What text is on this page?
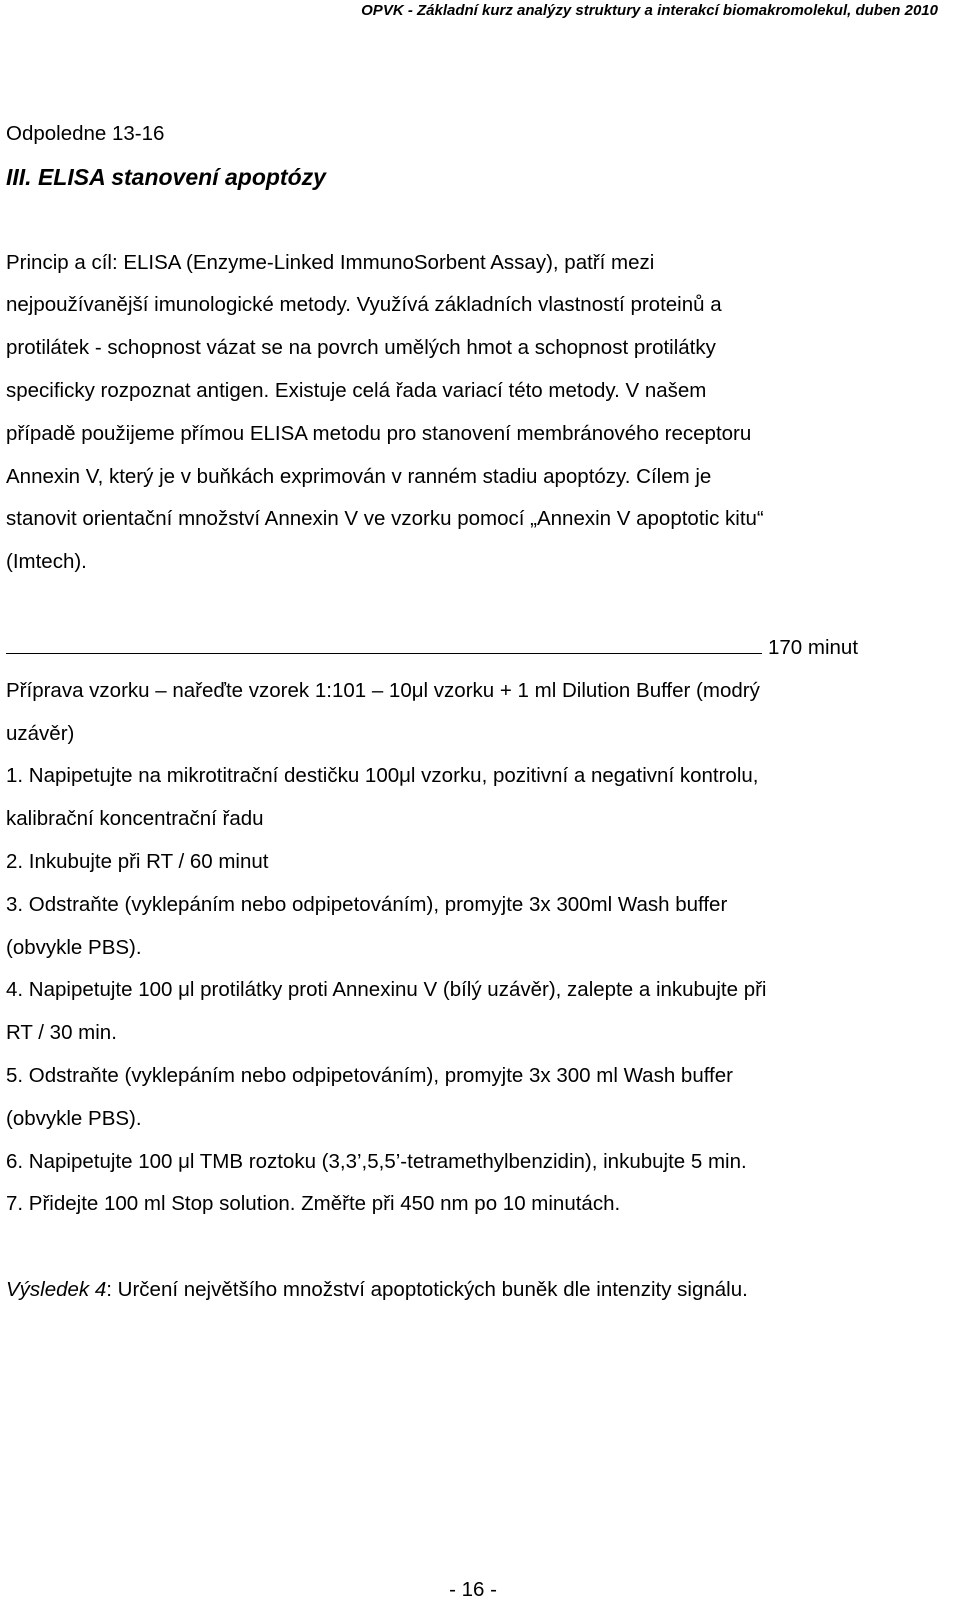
OPVK - Základní kurz analýzy struktury a interakcí biomakromolekul, duben 2010
Odpoledne 13-16
III. ELISA stanovení apoptózy
Princip a cíl: ELISA (Enzyme-Linked ImmunoSorbent Assay), patří mezi
nejpoužívanější imunologické metody. Využívá základních vlastností proteinů a
protilátek - schopnost vázat se na povrch umělých hmot a schopnost protilátky
specificky rozpoznat antigen. Existuje celá řada variací této metody. V našem
případě použijeme přímou ELISA metodu pro stanovení membránového receptoru
Annexin V, který je v buňkách exprimován v ranném stadiu apoptózy. Cílem je
stanovit orientační množství Annexin V ve vzorku pomocí „Annexin V apoptotic kitu“
(Imtech).
170 minut
Příprava vzorku – nařeďte vzorek 1:101 – 10μl vzorku + 1 ml Dilution Buffer (modrý
uzávěr)
1. Napipetujte na mikrotitrační destičku 100μl vzorku, pozitivní a negativní kontrolu,
kalibrační koncentrační řadu
2. Inkubujte při RT / 60 minut
3. Odstraňte (vyklepáním nebo odpipetováním), promyjte 3x 300ml Wash buffer
(obvykle PBS).
4. Napipetujte 100 μl protilátky proti Annexinu V (bílý uzávěr), zalepte a inkubujte při
RT / 30 min.
5. Odstraňte (vyklepáním nebo odpipetováním), promyjte 3x 300 ml Wash buffer
(obvykle PBS).
6. Napipetujte 100 μl TMB roztoku (3,3’,5,5’-tetramethylbenzidin), inkubujte 5 min.
7. Přidejte 100 ml Stop solution. Změřte při 450 nm po 10 minutách.
Výsledek 4: Určení největšího množství apoptotických buněk dle intenzity signálu.
- 16 -
